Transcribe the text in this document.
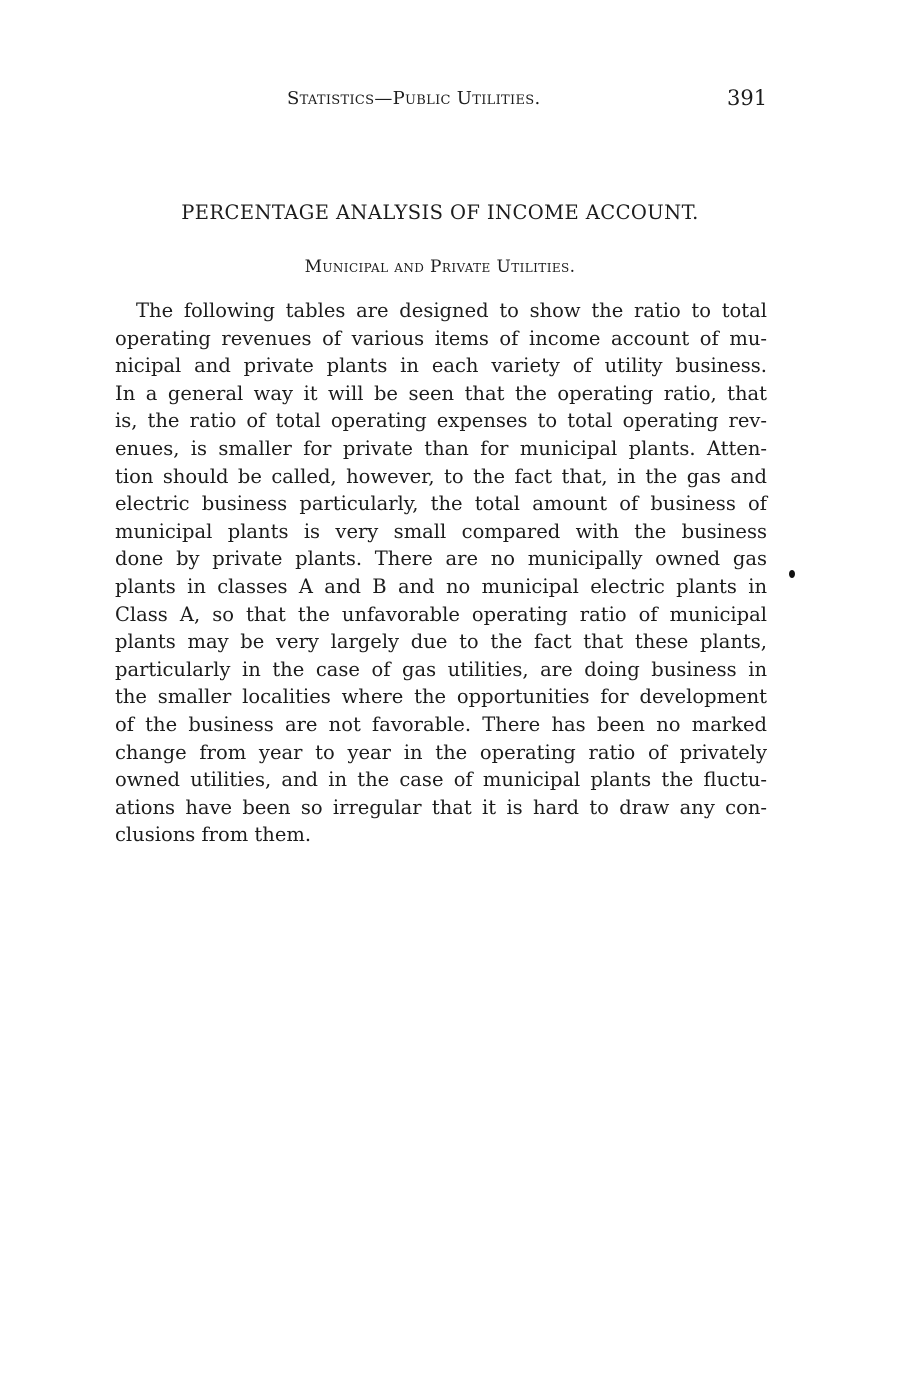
Statistics—Public Utilities.	391
PERCENTAGE ANALYSIS OF INCOME ACCOUNT.
Municipal and Private Utilities.
The following tables are designed to show the ratio to total
operating revenues of various items of income account of mu-
nicipal and private plants in each variety of utility business.
In a general way it will be seen that the operating ratio, that
is, the ratio of total operating expenses to total operating rev-
enues, is smaller for private than for municipal plants. Atten-
tion should be called, however, to the fact that, in the gas and
electric business particularly, the total amount of business of
municipal plants is very small compared with the business
done by private plants. There are no municipally owned gas
plants in classes A and B and no municipal electric plants in
Class A, so that the unfavorable operating ratio of municipal
plants may be very largely due to the fact that these plants,
particularly in the case of gas utilities, are doing business in
the smaller localities where the opportunities for development
of the business are not favorable. There has been no marked
change from year to year in the operating ratio of privately
owned utilities, and in the case of municipal plants the fluctu-
ations have been so irregular that it is hard to draw any con-
clusions from them.
